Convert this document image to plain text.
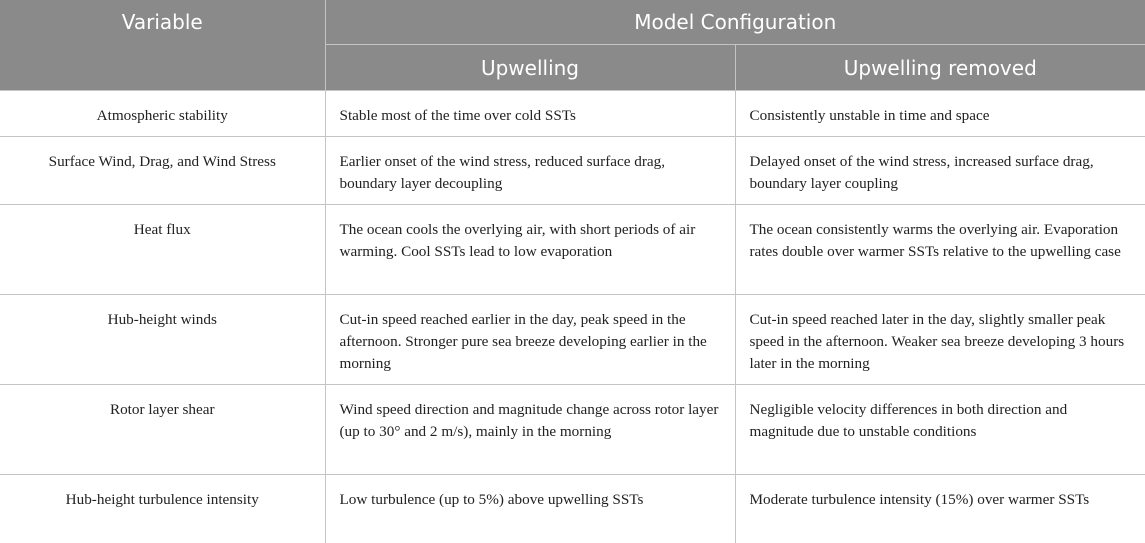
Variable	Model Configuration	
	Upwelling	Upwelling removed
Atmospheric stability	Stable most of the time over cold SSTs	Consistently unstable in time and space
Surface Wind, Drag, and Wind Stress	Earlier onset of the wind stress, reduced surface drag, boundary layer decoupling	Delayed onset of the wind stress, increased surface drag, boundary layer coupling
Heat flux	The ocean cools the overlying air, with short periods of air warming. Cool SSTs lead to low evaporation	The ocean consistently warms the overlying air. Evaporation rates double over warmer SSTs relative to the upwelling case
Hub-height winds	Cut-in speed reached earlier in the day, peak speed in the afternoon. Stronger pure sea breeze developing earlier in the morning	Cut-in speed reached later in the day, slightly smaller peak speed in the afternoon. Weaker sea breeze developing 3 hours later in the morning
Rotor layer shear	Wind speed direction and magnitude change across rotor layer (up to 30° and 2 m/s), mainly in the morning	Negligible velocity differences in both direction and magnitude due to unstable conditions
Hub-height turbulence intensity	Low turbulence (up to 5%) above upwelling SSTs	Moderate turbulence intensity (15%) over warmer SSTs
